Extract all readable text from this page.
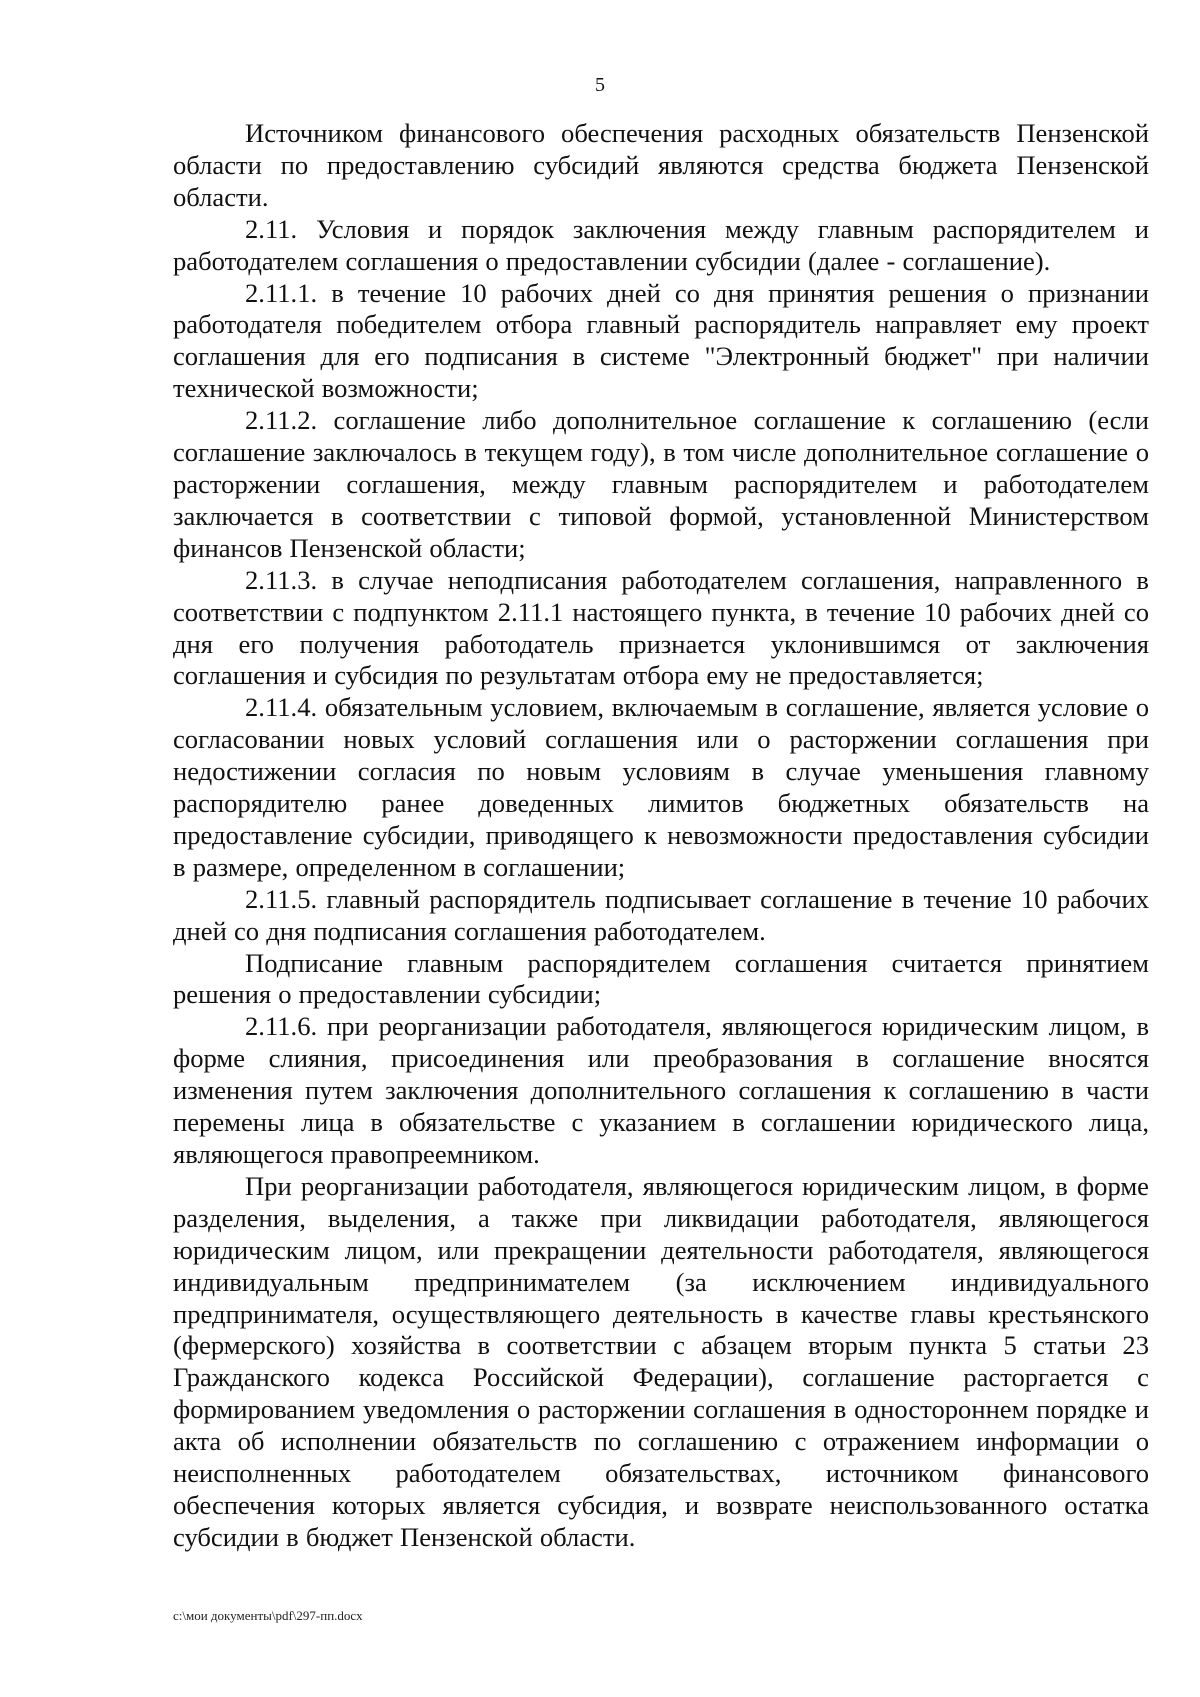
5

Источником финансового обеспечения расходных обязательств Пензенской области по предоставлению субсидий являются средства бюджета Пензенской области.

2.11. Условия и порядок заключения между главным распорядителем и работодателем соглашения о предоставлении субсидии (далее - соглашение).

2.11.1. в течение 10 рабочих дней со дня принятия решения о признании работодателя победителем отбора главный распорядитель направляет ему проект соглашения для его подписания в системе "Электронный бюджет" при наличии технической возможности;

2.11.2. соглашение либо дополнительное соглашение к соглашению (если соглашение заключалось в текущем году), в том числе дополнительное соглашение о расторжении соглашения, между главным распорядителем и работодателем заключается в соответствии с типовой формой, установленной Министерством финансов Пензенской области;

2.11.3. в случае неподписания работодателем соглашения, направленного в соответствии с подпунктом 2.11.1 настоящего пункта, в течение 10 рабочих дней со дня его получения работодатель признается уклонившимся от заключения соглашения и субсидия по результатам отбора ему не предоставляется;

2.11.4. обязательным условием, включаемым в соглашение, является условие о согласовании новых условий соглашения или о расторжении соглашения при недостижении согласия по новым условиям в случае уменьшения главному распорядителю ранее доведенных лимитов бюджетных обязательств на предоставление субсидии, приводящего к невозможности предоставления субсидии в размере, определенном в соглашении;

2.11.5. главный распорядитель подписывает соглашение в течение 10 рабочих дней со дня подписания соглашения работодателем.

Подписание главным распорядителем соглашения считается принятием решения о предоставлении субсидии;

2.11.6. при реорганизации работодателя, являющегося юридическим лицом, в форме слияния, присоединения или преобразования в соглашение вносятся изменения путем заключения дополнительного соглашения к соглашению в части перемены лица в обязательстве с указанием в соглашении юридического лица, являющегося правопреемником.

При реорганизации работодателя, являющегося юридическим лицом, в форме разделения, выделения, а также при ликвидации работодателя, являющегося юридическим лицом, или прекращении деятельности работодателя, являющегося индивидуальным предпринимателем (за исключением индивидуального предпринимателя, осуществляющего деятельность в качестве главы крестьянского (фермерского) хозяйства в соответствии с абзацем вторым пункта 5 статьи 23 Гражданского кодекса Российской Федерации), соглашение расторгается с формированием уведомления о расторжении соглашения в одностороннем порядке и акта об исполнении обязательств по соглашению с отражением информации о неисполненных работодателем обязательствах, источником финансового обеспечения которых является субсидия, и возврате неиспользованного остатка субсидии в бюджет Пензенской области.

c:\мои документы\pdf\297-пп.docx
